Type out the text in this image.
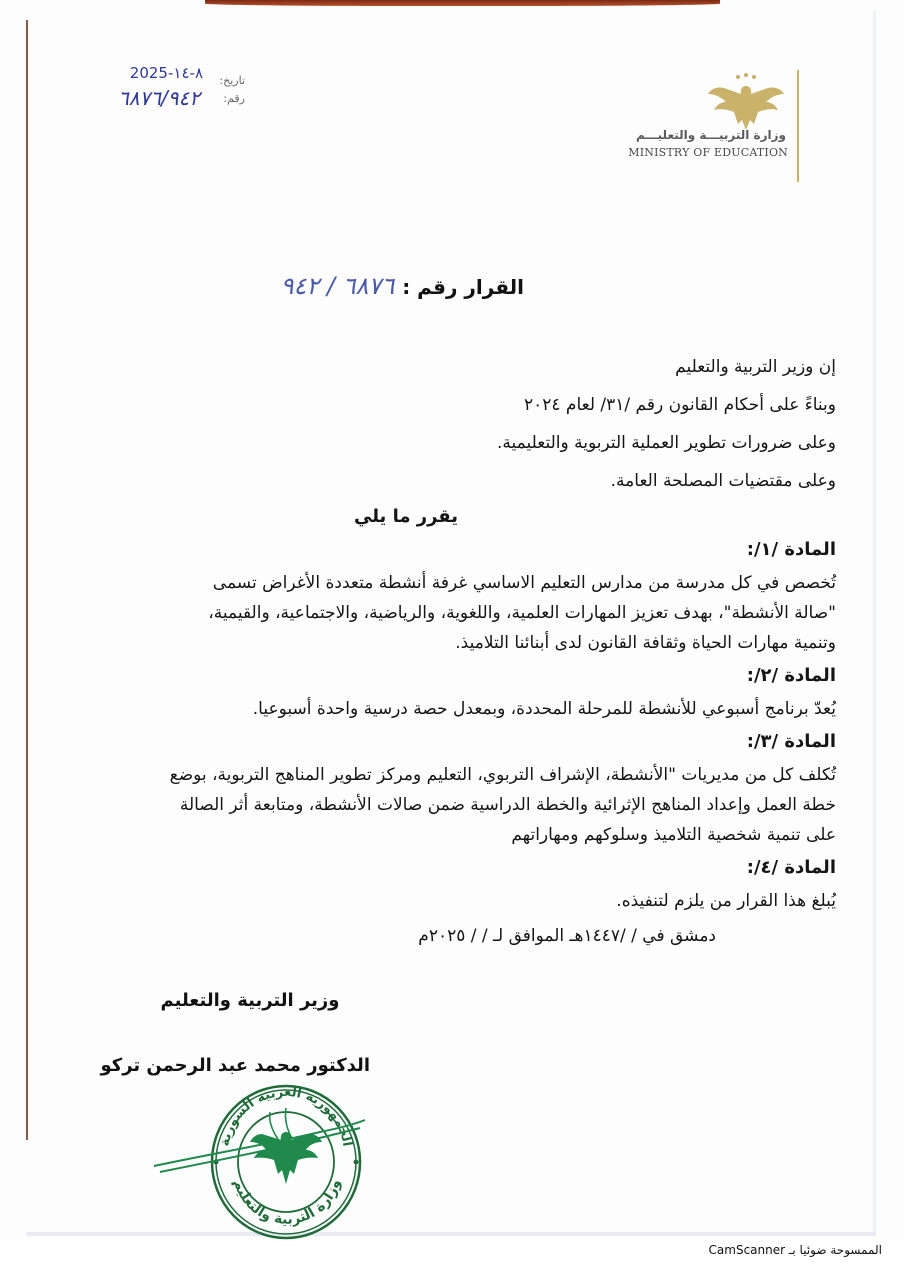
تاريخ:
2025-٨-١٤
رقم:
٦٨٧٦/٩٤٢
وزارة التربيـــة والتعليـــم
MINISTRY OF EDUCATION
القرار رقم :
٦٨٧٦ / ٩٤٢

إن وزير التربية والتعليم

وبناءً على أحكام القانون رقم /٣١/ لعام ٢٠٢٤

وعلى ضرورات تطوير العملية التربوية والتعليمية.

وعلى مقتضيات المصلحة العامة.

يقرر ما يلي
المادة /١/:

تُخصص في كل مدرسة من مدارس التعليم الاساسي غرفة أنشطة متعددة الأغراض تسمى

"صالة الأنشطة"، بهدف تعزيز المهارات العلمية، واللغوية، والرياضية، والاجتماعية، والقيمية،

وتنمية مهارات الحياة وثقافة القانون لدى أبنائنا التلاميذ.

المادة /٢/:

يُعدّ برنامج أسبوعي للأنشطة للمرحلة المحددة، وبمعدل حصة درسية واحدة أسبوعيا.

المادة /٣/:

تُكلف كل من مديريات "الأنشطة، الإشراف التربوي، التعليم ومركز تطوير المناهج التربوية، بوضع

خطة العمل وإعداد المناهج الإثرائية والخطة الدراسية ضمن صالات الأنشطة، ومتابعة أثر الصالة

على تنمية شخصية التلاميذ وسلوكهم ومهاراتهم

المادة /٤/:

يُبلغ هذا القرار من يلزم لتنفيذه.

دمشق في / /١٤٤٧هـ الموافق لـ / / ٢٠٢٥م
وزير التربية والتعليم
الدكتور محمد عبد الرحمن تركو
الجمهورية العربية السورية
وزارة التربية والتعليم
الممسوحة ضوئيا بـ CamScanner
